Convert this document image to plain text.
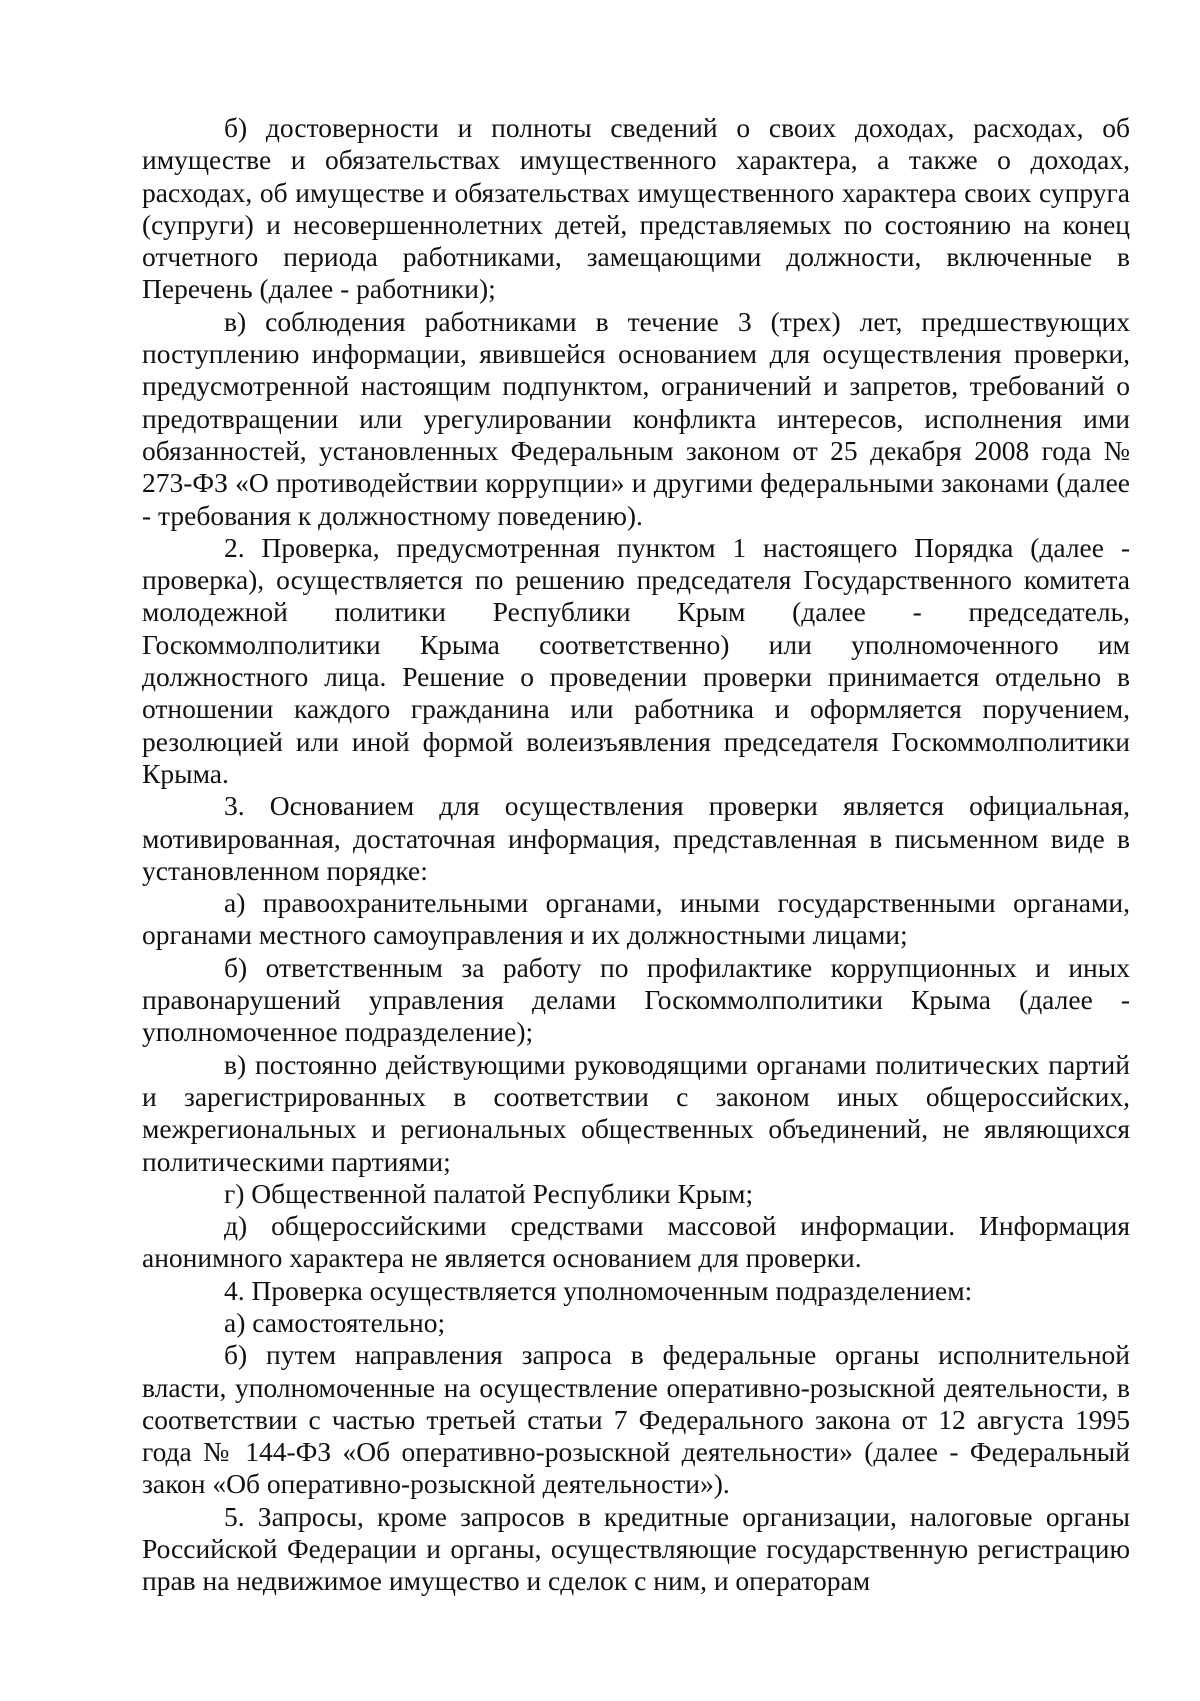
б) достоверности и полноты сведений о своих доходах, расходах, об имуществе и обязательствах имущественного характера, а также о доходах, расходах, об имуществе и обязательствах имущественного характера своих супруга (супруги) и несовершеннолетних детей, представляемых по состоянию на конец отчетного периода работниками, замещающими должности, включенные в Перечень (далее - работники);

в) соблюдения работниками в течение 3 (трех) лет, предшествующих поступлению информации, явившейся основанием для осуществления проверки, предусмотренной настоящим подпунктом, ограничений и запретов, требований о предотвращении или урегулировании конфликта интересов, исполнения ими обязанностей, установленных Федеральным законом от 25 декабря 2008 года № 273-ФЗ «О противодействии коррупции» и другими федеральными законами (далее - требования к должностному поведению).

2. Проверка, предусмотренная пунктом 1 настоящего Порядка (далее - проверка), осуществляется по решению председателя Государственного комитета молодежной политики Республики Крым (далее - председатель, Госкоммолполитики Крыма соответственно) или уполномоченного им должностного лица. Решение о проведении проверки принимается отдельно в отношении каждого гражданина или работника и оформляется поручением, резолюцией или иной формой волеизъявления председателя Госкоммолполитики Крыма.

3. Основанием для осуществления проверки является официальная, мотивированная, достаточная информация, представленная в письменном виде в установленном порядке:

а) правоохранительными органами, иными государственными органами, органами местного самоуправления и их должностными лицами;

б) ответственным за работу по профилактике коррупционных и иных правонарушений управления делами Госкоммолполитики Крыма (далее - уполномоченное подразделение);

в) постоянно действующими руководящими органами политических партий и зарегистрированных в соответствии с законом иных общероссийских, межрегиональных и региональных общественных объединений, не являющихся политическими партиями;

г) Общественной палатой Республики Крым;

д) общероссийскими средствами массовой информации. Информация анонимного характера не является основанием для проверки.

4. Проверка осуществляется уполномоченным подразделением:

а) самостоятельно;

б) путем направления запроса в федеральные органы исполнительной власти, уполномоченные на осуществление оперативно-розыскной деятельности, в соответствии с частью третьей статьи 7 Федерального закона от 12 августа 1995 года № 144-ФЗ «Об оперативно-розыскной деятельности» (далее - Федеральный закон «Об оперативно-розыскной деятельности»).

5. Запросы, кроме запросов в кредитные организации, налоговые органы Российской Федерации и органы, осуществляющие государственную регистрацию прав на недвижимое имущество и сделок с ним, и операторам
